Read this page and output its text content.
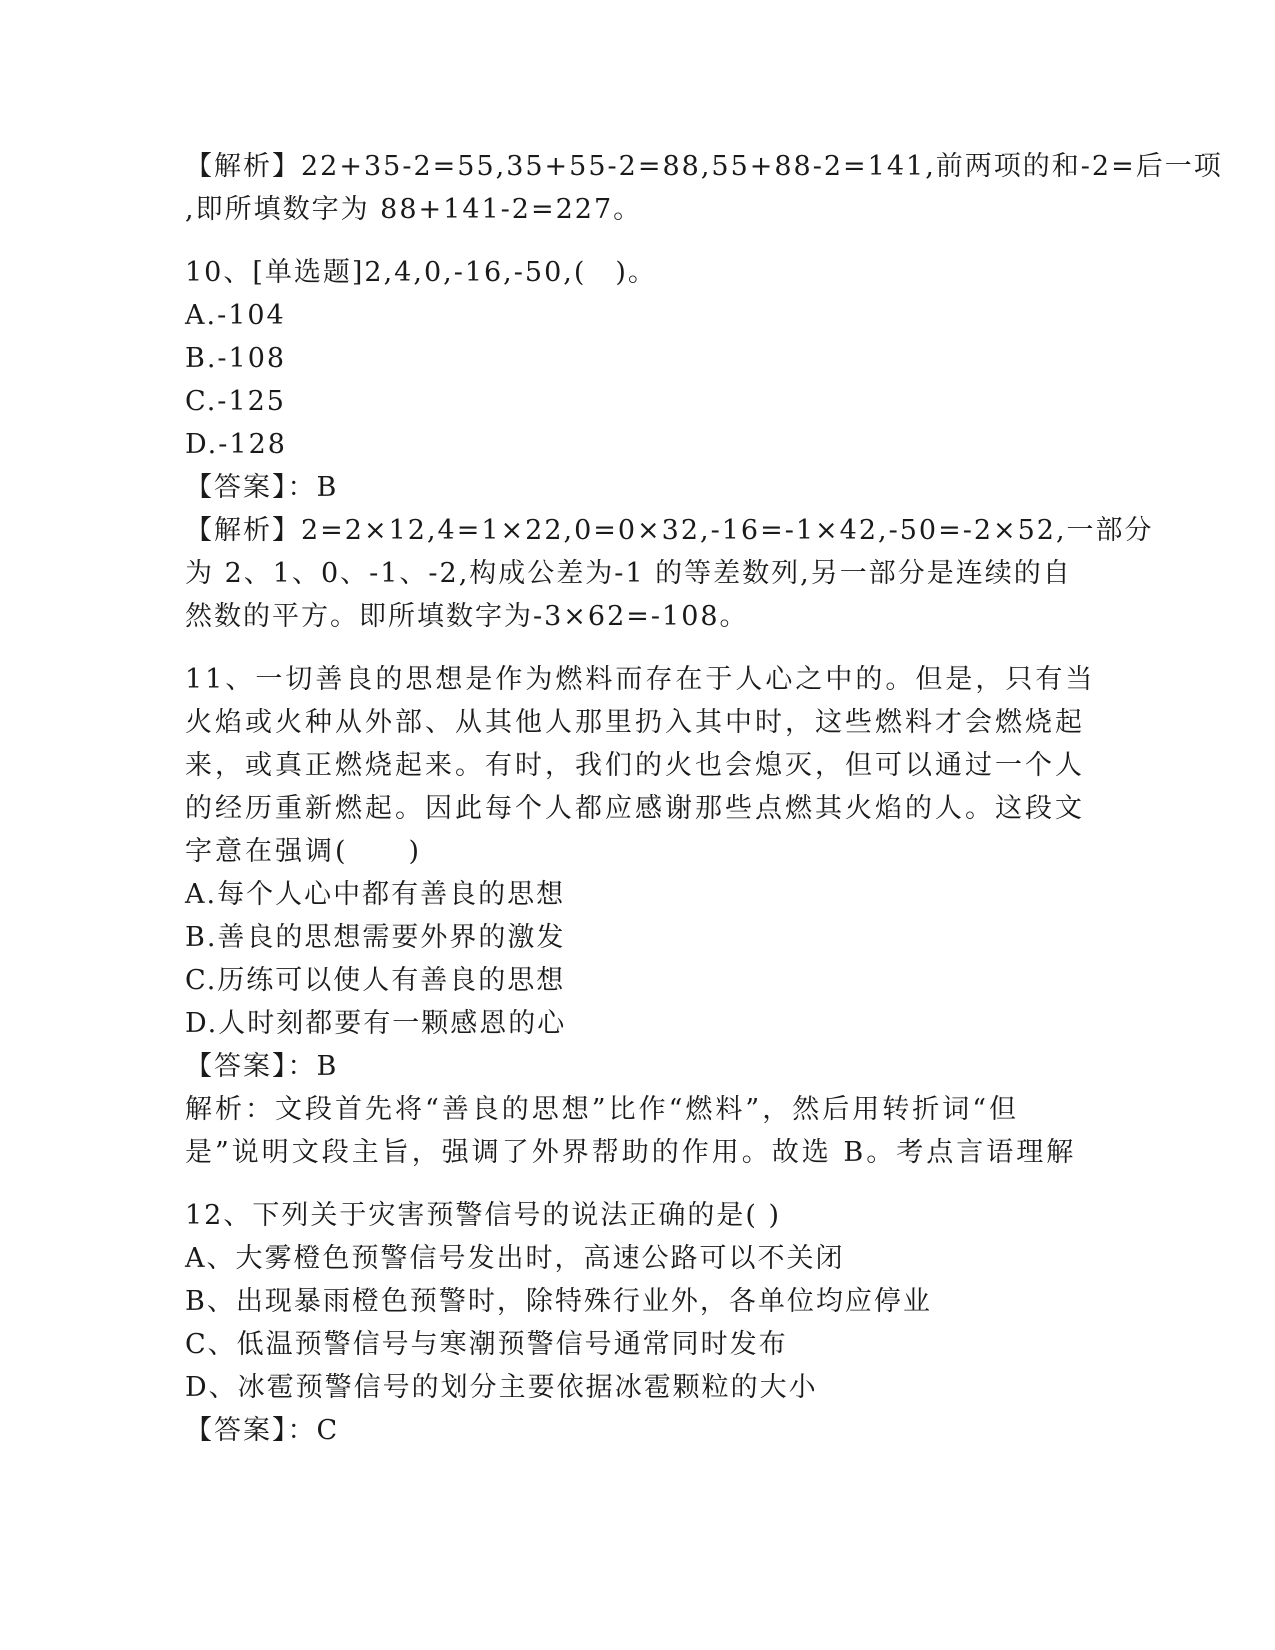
【解析】22+35-2=55,35+55-2=88,55+88-2=141,前两项的和-2=后一项
,即所填数字为 88+141-2=227。
10、[单选题]2,4,0,-16,-50,(　)。
A.-104
B.-108
C.-125
D.-128
【答案】：B
【解析】2=2×12,4=1×22,0=0×32,-16=-1×42,-50=-2×52,一部分
为 2、1、0、-1、-2,构成公差为-1 的等差数列,另一部分是连续的自
然数的平方。即所填数字为-3×62=-108。
11、一切善良的思想是作为燃料而存在于人心之中的。但是，只有当
火焰或火种从外部、从其他人那里扔入其中时，这些燃料才会燃烧起
来，或真正燃烧起来。有时，我们的火也会熄灭，但可以通过一个人
的经历重新燃起。因此每个人都应感谢那些点燃其火焰的人。这段文
字意在强调(　　)
A.每个人心中都有善良的思想
B.善良的思想需要外界的激发
C.历练可以使人有善良的思想
D.人时刻都要有一颗感恩的心
【答案】：B
解析：文段首先将“善良的思想”比作“燃料”，然后用转折词“但
是”说明文段主旨，强调了外界帮助的作用。故选 B。考点言语理解
12、下列关于灾害预警信号的说法正确的是( )
A、大雾橙色预警信号发出时，高速公路可以不关闭
B、出现暴雨橙色预警时，除特殊行业外，各单位均应停业
C、低温预警信号与寒潮预警信号通常同时发布
D、冰雹预警信号的划分主要依据冰雹颗粒的大小
【答案】：C
